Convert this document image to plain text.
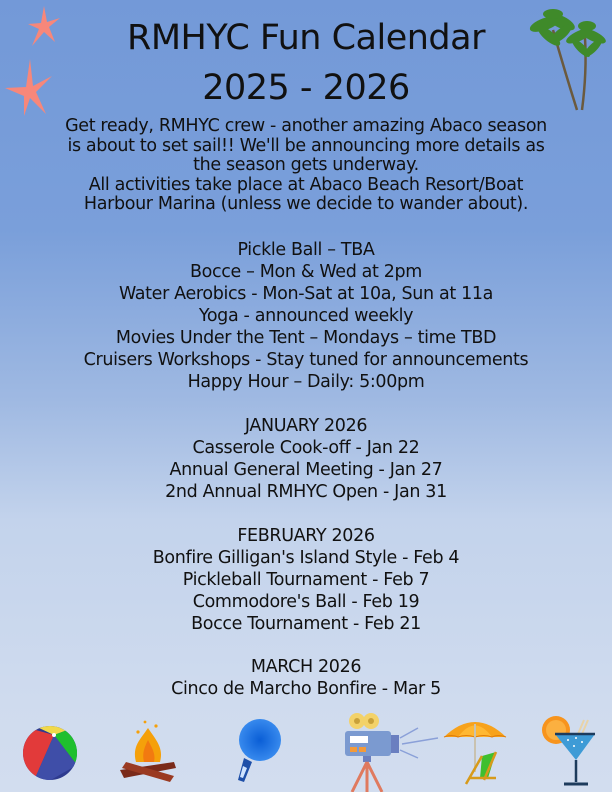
RMHYC Fun Calendar
2025 - 2026
Get ready, RMHYC crew - another amazing Abaco season
is about to set sail!! We'll be announcing more details as
the season gets underway.
All activities take place at Abaco Beach Resort/Boat
Harbour Marina (unless we decide to wander about).
Pickle Ball – TBA
Bocce – Mon & Wed at 2pm
Water Aerobics - Mon-Sat at 10a, Sun at 11a
Yoga - announced weekly
Movies Under the Tent – Mondays – time TBD
Cruisers Workshops - Stay tuned for announcements
Happy Hour – Daily: 5:00pm
JANUARY 2026
Casserole Cook-off - Jan 22
Annual General Meeting - Jan 27
2nd Annual RMHYC Open - Jan 31
FEBRUARY 2026
Bonfire Gilligan's Island Style - Feb 4
Pickleball Tournament - Feb 7
Commodore's Ball - Feb 19
Bocce Tournament - Feb 21
MARCH 2026
Cinco de Marcho Bonfire - Mar 5
